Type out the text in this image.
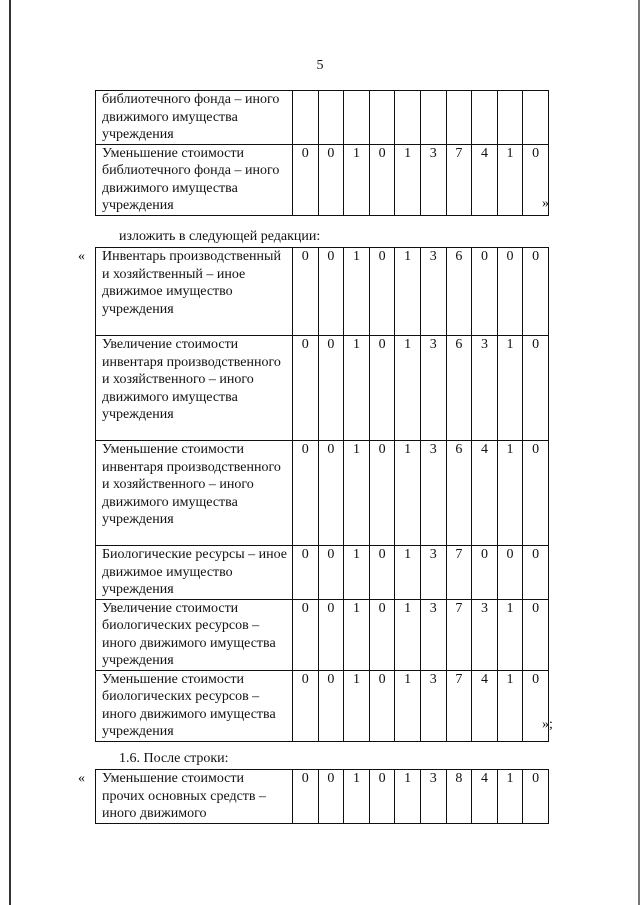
5
библиотечного фонда – иного движимого имущества учреждения										
Уменьшение стоимости библиотечного фонда – иного движимого имущества учреждения	0	0	1	0	1	3	7	4	1	0
»
изложить в следующей редакции:
« Инвентарь производственный и хозяйственный – иное движимое имущество учреждения	0	0	1	0	1	3	6	0	0	0
Увеличение стоимости инвентаря производственного и хозяйственного – иного движимого имущества учреждения	0	0	1	0	1	3	6	3	1	0
Уменьшение стоимости инвентаря производственного и хозяйственного – иного движимого имущества учреждения	0	0	1	0	1	3	6	4	1	0
Биологические ресурсы – иное движимое имущество учреждения	0	0	1	0	1	3	7	0	0	0
Увеличение стоимости биологических ресурсов – иного движимого имущества учреждения	0	0	1	0	1	3	7	3	1	0
Уменьшение стоимости биологических ресурсов – иного движимого имущества учреждения	0	0	1	0	1	3	7	4	1	0
»;
1.6. После строки:
« Уменьшение стоимости прочих основных средств – иного движимого	0	0	1	0	1	3	8	4	1	0
